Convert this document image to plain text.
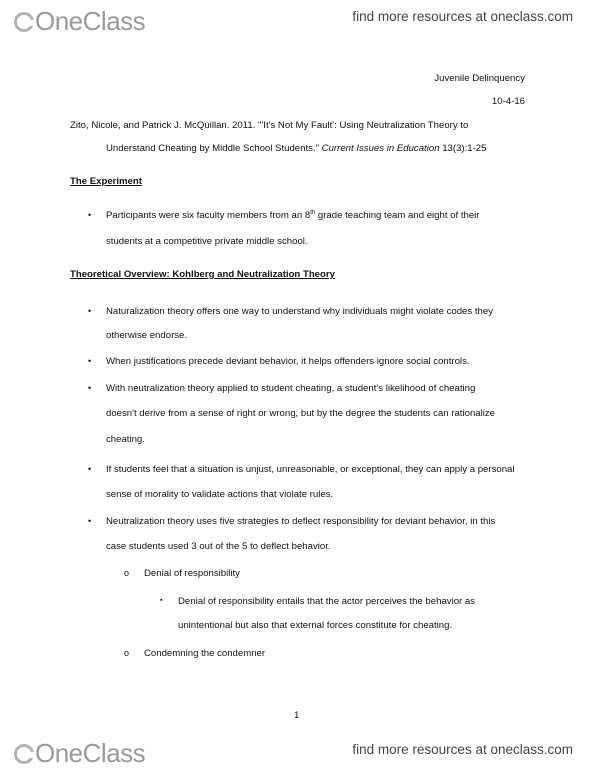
OneClass	find more resources at oneclass.com
Juvenile Delinquency
10-4-16
Zito, Nicole, and Patrick J. McQuillan. 2011. "'It's Not My Fault': Using Neutralization Theory to
Understand Cheating by Middle School Students." Current Issues in Education 13(3):1-25
The Experiment
• Participants were six faculty members from an 8th grade teaching team and eight of their
students at a competitive private middle school.
Theoretical Overview: Kohlberg and Neutralization Theory
• Naturalization theory offers one way to understand why individuals might violate codes they
otherwise endorse.
• When justifications precede deviant behavior, it helps offenders ignore social controls.
• With neutralization theory applied to student cheating, a student's likelihood of cheating
doesn't derive from a sense of right or wrong, but by the degree the students can rationalize
cheating.
• If students feel that a situation is unjust, unreasonable, or exceptional, they can apply a personal
sense of morality to validate actions that violate rules.
• Neutralization theory uses five strategies to deflect responsibility for deviant behavior, in this
case students used 3 out of the 5 to deflect behavior.
o Denial of responsibility
▪ Denial of responsibility entails that the actor perceives the behavior as
unintentional but also that external forces constitute for cheating.
o Condemning the condemner
1
OneClass	find more resources at oneclass.com
